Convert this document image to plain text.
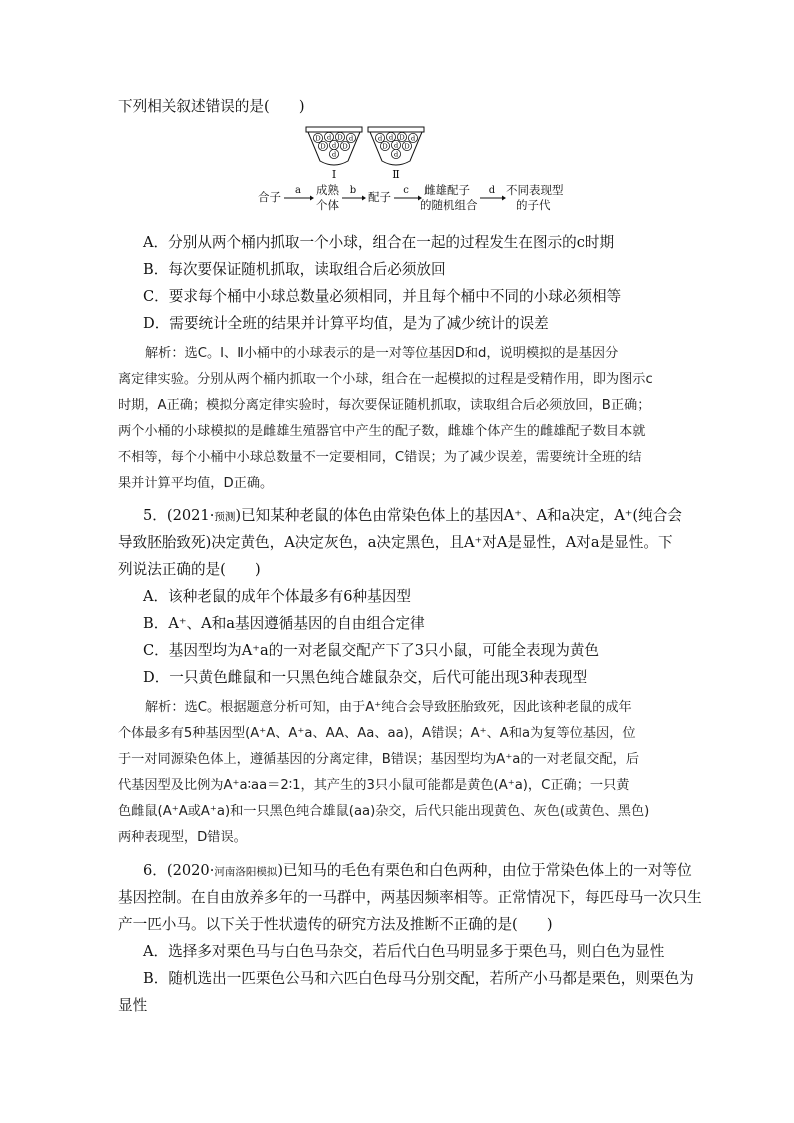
下列相关叙述错误的是(　　)
D d D d
D d D
d
Ⅰ
d d D d
D d D
d
Ⅱ
合子 a 成熟
个体
b 配子 c 雌雄配子
的随机组合
d 不同表现型
的子代
A．分别从两个桶内抓取一个小球，组合在一起的过程发生在图示的c时期
B．每次要保证随机抓取，读取组合后必须放回
C．要求每个桶中小球总数量必须相同，并且每个桶中不同的小球必须相等
D．需要统计全班的结果并计算平均值，是为了减少统计的误差
解析：选C。Ⅰ、Ⅱ小桶中的小球表示的是一对等位基因D和d，说明模拟的是基因分
离定律实验。分别从两个桶内抓取一个小球，组合在一起模拟的过程是受精作用，即为图示c
时期，A正确；模拟分离定律实验时，每次要保证随机抓取，读取组合后必须放回，B正确；
两个小桶的小球模拟的是雌雄生殖器官中产生的配子数，雌雄个体产生的雌雄配子数目本就
不相等，每个小桶中小球总数量不一定要相同，C错误；为了减少误差，需要统计全班的结
果并计算平均值，D正确。
5．(2021·预测)已知某种老鼠的体色由常染色体上的基因A⁺、A和a决定，A⁺(纯合会
导致胚胎致死)决定黄色，A决定灰色，a决定黑色，且A⁺对A是显性，A对a是显性。下
列说法正确的是(　　)
A．该种老鼠的成年个体最多有6种基因型
B．A⁺、A和a基因遵循基因的自由组合定律
C．基因型均为A⁺a的一对老鼠交配产下了3只小鼠，可能全表现为黄色
D．一只黄色雌鼠和一只黑色纯合雄鼠杂交，后代可能出现3种表现型
解析：选C。根据题意分析可知，由于A⁺纯合会导致胚胎致死，因此该种老鼠的成年
个体最多有5种基因型(A⁺A、A⁺a、AA、Aa、aa)，A错误；A⁺、A和a为复等位基因，位
于一对同源染色体上，遵循基因的分离定律，B错误；基因型均为A⁺a的一对老鼠交配，后
代基因型及比例为A⁺a∶aa＝2∶1，其产生的3只小鼠可能都是黄色(A⁺a)，C正确；一只黄
色雌鼠(A⁺A或A⁺a)和一只黑色纯合雄鼠(aa)杂交，后代只能出现黄色、灰色(或黄色、黑色)
两种表现型，D错误。
6．(2020·河南洛阳模拟)已知马的毛色有栗色和白色两种，由位于常染色体上的一对等位
基因控制。在自由放养多年的一马群中，两基因频率相等。正常情况下，每匹母马一次只生
产一匹小马。以下关于性状遗传的研究方法及推断不正确的是(　　)
A．选择多对栗色马与白色马杂交，若后代白色马明显多于栗色马，则白色为显性
B．随机选出一匹栗色公马和六匹白色母马分别交配，若所产小马都是栗色，则栗色为
显性
